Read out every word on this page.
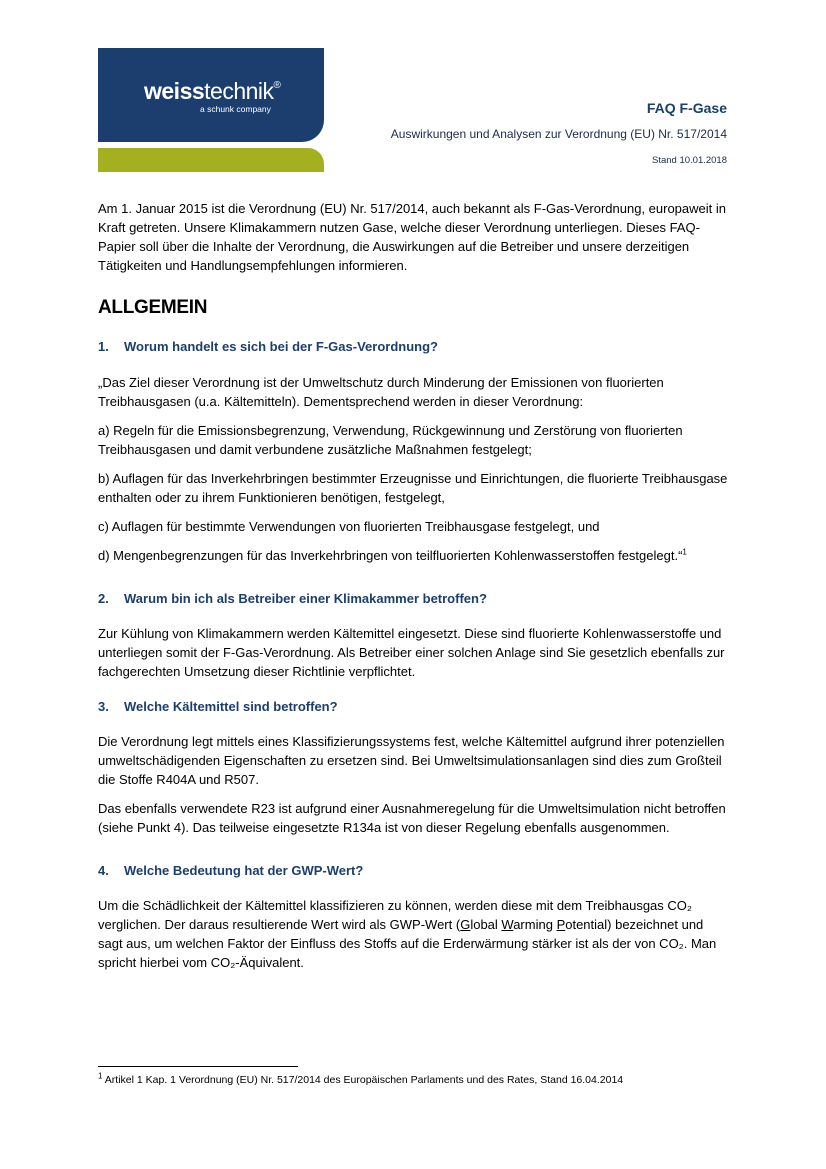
weisstechnik®
a schunk company	FAQ F-Gase
Auswirkungen und Analysen zur Verordnung (EU) Nr. 517/2014
Stand 10.01.2018

Am 1. Januar 2015 ist die Verordnung (EU) Nr. 517/2014, auch bekannt als F-Gas-Verordnung, europaweit in Kraft getreten. Unsere Klimakammern nutzen Gase, welche dieser Verordnung unterliegen. Dieses FAQ-Papier soll über die Inhalte der Verordnung, die Auswirkungen auf die Betreiber und unsere derzeitigen Tätigkeiten und Handlungsempfehlungen informieren.

ALLGEMEIN
1. Worum handelt es sich bei der F-Gas-Verordnung?

„Das Ziel dieser Verordnung ist der Umweltschutz durch Minderung der Emissionen von fluorierten Treibhausgasen (u.a. Kältemitteln). Dementsprechend werden in dieser Verordnung:

a) Regeln für die Emissionsbegrenzung, Verwendung, Rückgewinnung und Zerstörung von fluorierten Treibhausgasen und damit verbundene zusätzliche Maßnahmen festgelegt;

b) Auflagen für das Inverkehrbringen bestimmter Erzeugnisse und Einrichtungen, die fluorierte Treibhausgase enthalten oder zu ihrem Funktionieren benötigen, festgelegt,

c) Auflagen für bestimmte Verwendungen von fluorierten Treibhausgase festgelegt, und

d) Mengenbegrenzungen für das Inverkehrbringen von teilfluorierten Kohlenwasserstoffen festgelegt.“$^1$

2. Warum bin ich als Betreiber einer Klimakammer betroffen?

Zur Kühlung von Klimakammern werden Kältemittel eingesetzt. Diese sind fluorierte Kohlenwasserstoffe und unterliegen somit der F-Gas-Verordnung. Als Betreiber einer solchen Anlage sind Sie gesetzlich ebenfalls zur fachgerechten Umsetzung dieser Richtlinie verpflichtet.

3. Welche Kältemittel sind betroffen?

Die Verordnung legt mittels eines Klassifizierungssystems fest, welche Kältemittel aufgrund ihrer potenziellen umweltschädigenden Eigenschaften zu ersetzen sind. Bei Umweltsimulationsanlagen sind dies zum Großteil die Stoffe R404A und R507.

Das ebenfalls verwendete R23 ist aufgrund einer Ausnahmeregelung für die Umweltsimulation nicht betroffen (siehe Punkt 4). Das teilweise eingesetzte R134a ist von dieser Regelung ebenfalls ausgenommen.

4. Welche Bedeutung hat der GWP-Wert?

Um die Schädlichkeit der Kältemittel klassifizieren zu können, werden diese mit dem Treibhausgas CO₂ verglichen. Der daraus resultierende Wert wird als GWP-Wert (Global Warming Potential) bezeichnet und sagt aus, um welchen Faktor der Einfluss des Stoffs auf die Erderwärmung stärker ist als der von CO₂. Man spricht hierbei vom CO₂-Äquivalent.

$^1$ Artikel 1 Kap. 1 Verordnung (EU) Nr. 517/2014 des Europäischen Parlaments und des Rates, Stand 16.04.2014
